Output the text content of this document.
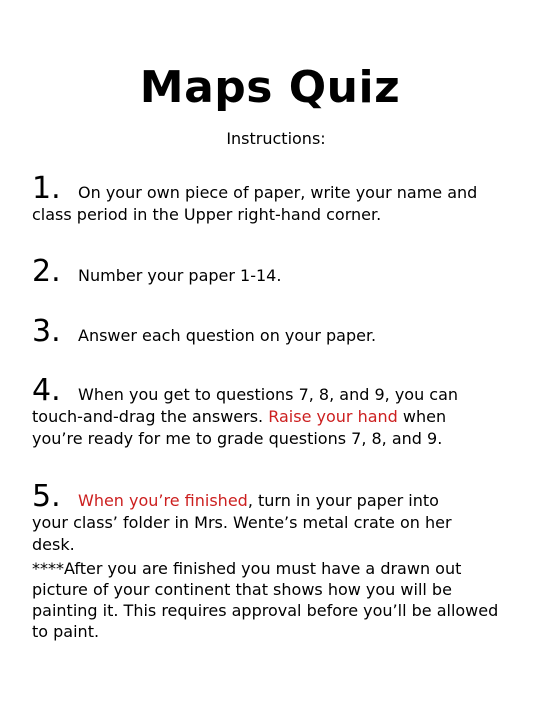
Maps Quiz
Instructions:
1.	On your own piece of paper, write your name and
class period in the Upper right-hand corner.
2.	Number your paper 1-14.
3.	Answer each question on your paper.
4.	When you get to questions 7, 8, and 9, you can
touch-and-drag the answers. Raise your hand when
you’re ready for me to grade questions 7, 8, and 9.
5.	When you’re finished, turn in your paper into
your class’ folder in Mrs. Wente’s metal crate on her
desk.
****After you are finished you must have a drawn out picture of your continent that shows how you will be painting it. This requires approval before you’ll be allowed to paint.
